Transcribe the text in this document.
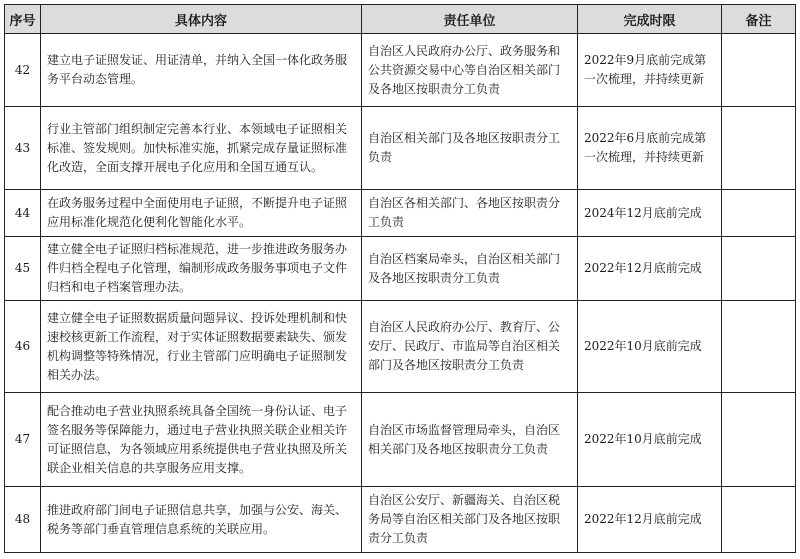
序号	具体内容	责任单位	完成时限	备注
42	建立电子证照发证、用证清单，并纳入全国一体化政务服务平台动态管理。	自治区人民政府办公厅、政务服务和公共资源交易中心等自治区相关部门及各地区按职责分工负责	2022年9月底前完成第一次梳理，并持续更新	
43	行业主管部门组织制定完善本行业、本领域电子证照相关标准、签发规则。加快标准实施，抓紧完成存量证照标准化改造，全面支撑开展电子化应用和全国互通互认。	自治区相关部门及各地区按职责分工负责	2022年6月底前完成第一次梳理，并持续更新	
44	在政务服务过程中全面使用电子证照，不断提升电子证照应用标准化规范化便利化智能化水平。	自治区各相关部门、各地区按职责分工负责	2024年12月底前完成	
45	建立健全电子证照归档标准规范，进一步推进政务服务办件归档全程电子化管理，编制形成政务服务事项电子文件归档和电子档案管理办法。	自治区档案局牵头，自治区相关部门及各地区按职责分工负责	2022年12月底前完成	
46	建立健全电子证照数据质量问题异议、投诉处理机制和快速校核更新工作流程，对于实体证照数据要素缺失、颁发机构调整等特殊情况，行业主管部门应明确电子证照制发相关办法。	自治区人民政府办公厅、教育厅、公安厅、民政厅、市监局等自治区相关部门及各地区按职责分工负责	2022年10月底前完成	
47	配合推动电子营业执照系统具备全国统一身份认证、电子签名服务等保障能力，通过电子营业执照关联企业相关许可证照信息，为各领域应用系统提供电子营业执照及所关联企业相关信息的共享服务应用支撑。	自治区市场监督管理局牵头，自治区相关部门及各地区按职责分工负责	2022年10月底前完成	
48	推进政府部门间电子证照信息共享，加强与公安、海关、税务等部门垂直管理信息系统的关联应用。	自治区公安厅、新疆海关、自治区税务局等自治区相关部门及各地区按职责分工负责	2022年12月底前完成	
